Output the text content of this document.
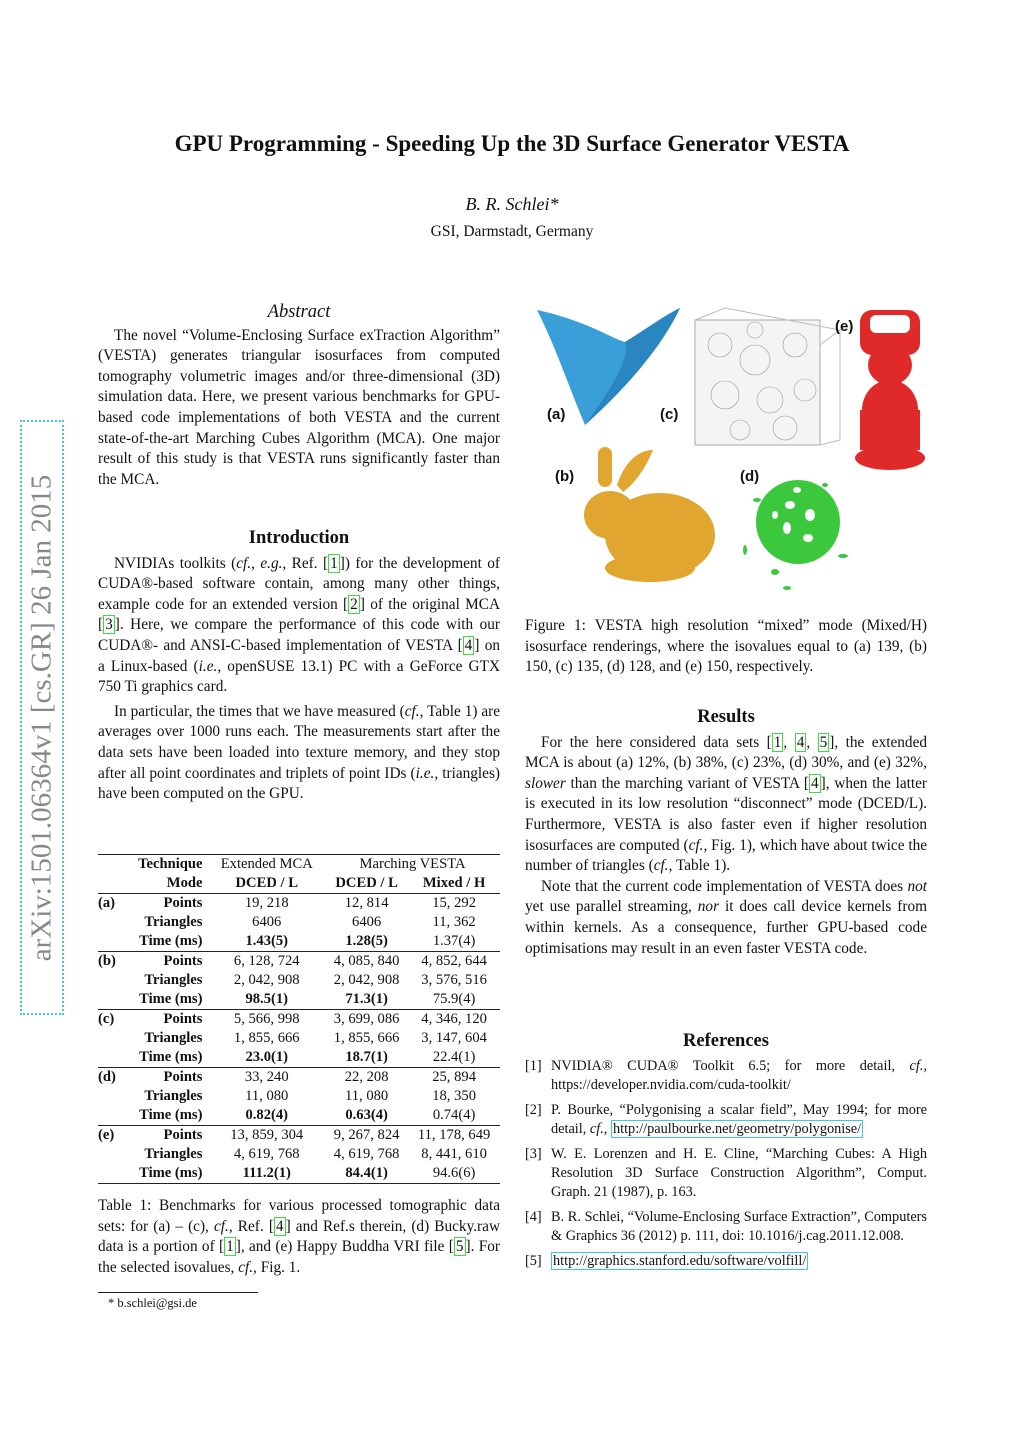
GPU Programming - Speeding Up the 3D Surface Generator VESTA
B. R. Schlei*
GSI, Darmstadt, Germany
arXiv:1501.06364v1 [cs.GR] 26 Jan 2015
Abstract

The novel “Volume-Enclosing Surface exTraction Algorithm” (VESTA) generates triangular isosurfaces from computed tomography volumetric images and/or three-dimensional (3D) simulation data. Here, we present various benchmarks for GPU-based code implementations of both VESTA and the current state-of-the-art Marching Cubes Algorithm (MCA). One major result of this study is that VESTA runs significantly faster than the MCA.

Introduction

NVIDIAs toolkits (cf., e.g., Ref. [ 1 ]) for the development of CUDA®-based software contain, among many other things, example code for an extended version [ 2 ] of the original MCA [ 3 ]. Here, we compare the performance of this code with our CUDA®- and ANSI-C-based implementation of VESTA [ 4 ] on a Linux-based (i.e., openSUSE 13.1) PC with a GeForce GTX 750 Ti graphics card.

In particular, the times that we have measured (cf., Table 1) are averages over 1000 runs each. The measurements start after the data sets have been loaded into texture memory, and they stop after all point coordinates and triplets of point IDs (i.e., triangles) have been computed on the GPU.

Technique		Extended MCA	Marching VESTA	
Mode		DCED / L	DCED / L	Mixed / H
(a)	Points	19, 218	12, 814	15, 292
	Triangles	6406	6406	11, 362
	Time (ms)	1.43(5)	1.28(5)	1.37(4)
(b)	Points	6, 128, 724	4, 085, 840	4, 852, 644
	Triangles	2, 042, 908	2, 042, 908	3, 576, 516
	Time (ms)	98.5(1)	71.3(1)	75.9(4)
(c)	Points	5, 566, 998	3, 699, 086	4, 346, 120
	Triangles	1, 855, 666	1, 855, 666	3, 147, 604
	Time (ms)	23.0(1)	18.7(1)	22.4(1)
(d)	Points	33, 240	22, 208	25, 894
	Triangles	11, 080	11, 080	18, 350
	Time (ms)	0.82(4)	0.63(4)	0.74(4)
(e)	Points	13, 859, 304	9, 267, 824	11, 178, 649
	Triangles	4, 619, 768	4, 619, 768	8, 441, 610
	Time (ms)	111.2(1)	84.4(1)	94.6(6)

Table 1: Benchmarks for various processed tomographic data sets: for (a) – (c), cf., Ref. [ 4 ] and Ref.s therein, (d) Bucky.raw data is a portion of [ 1 ], and (e) Happy Buddha VRI file [ 5 ]. For the selected isovalues, cf., Fig. 1.

* b.schlei@gsi.de
(a)
(b)
(c)
(d)
(e)

Figure 1: VESTA high resolution “mixed” mode (Mixed/H) isosurface renderings, where the isovalues equal to (a) 139, (b) 150, (c) 135, (d) 128, and (e) 150, respectively.

Results

For the here considered data sets [ 1 , 4 , 5 ], the extended MCA is about (a) 12%, (b) 38%, (c) 23%, (d) 30%, and (e) 32%, slower than the marching variant of VESTA [ 4 ], when the latter is executed in its low resolution “disconnect” mode (DCED/L). Furthermore, VESTA is also faster even if higher resolution isosurfaces are computed (cf., Fig. 1), which have about twice the number of triangles (cf., Table 1).

Note that the current code implementation of VESTA does not yet use parallel streaming, nor it does call device kernels from within kernels. As a consequence, further GPU-based code optimisations may result in an even faster VESTA code.

References
[1] NVIDIA® CUDA® Toolkit 6.5; for more detail, cf., https://developer.nvidia.com/cuda-toolkit/
[2] P. Bourke, “Polygonising a scalar field”, May 1994; for more detail, cf., http://paulbourke.net/geometry/polygonise/
[3] W. E. Lorenzen and H. E. Cline, “Marching Cubes: A High Resolution 3D Surface Construction Algorithm”, Comput. Graph. 21 (1987), p. 163.
[4] B. R. Schlei, “Volume-Enclosing Surface Extraction”, Computers & Graphics 36 (2012) p. 111, doi: 10.1016/j.cag.2011.12.008.
[5] http://graphics.stanford.edu/software/volfill/
